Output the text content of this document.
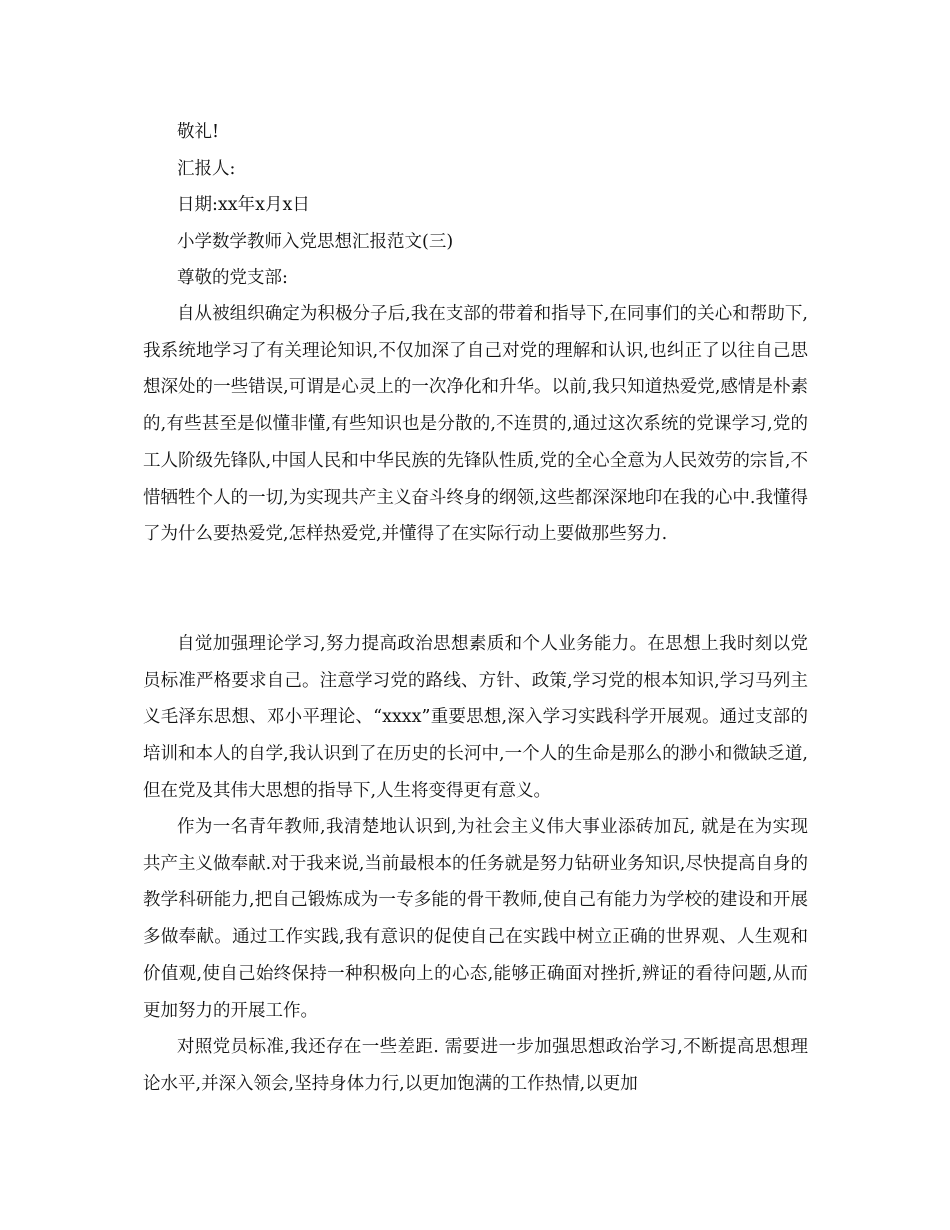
敬礼!
汇报人:
日期:xx年x月x日
小学数学教师入党思想汇报范文(三)
尊敬的党支部:

自从被组织确定为积极分子后,我在支部的带着和指导下,在同事们的关心和帮助下,我系统地学习了有关理论知识,不仅加深了自己对党的理解和认识,也纠正了以往自己思想深处的一些错误,可谓是心灵上的一次净化和升华。以前,我只知道热爱党,感情是朴素的,有些甚至是似懂非懂,有些知识也是分散的,不连贯的,通过这次系统的党课学习,党的工人阶级先锋队,中国人民和中华民族的先锋队性质,党的全心全意为人民效劳的宗旨,不惜牺牲个人的一切,为实现共产主义奋斗终身的纲领,这些都深深地印在我的心中.我懂得了为什么要热爱党,怎样热爱党,并懂得了在实际行动上要做那些努力.

自觉加强理论学习,努力提高政治思想素质和个人业务能力。在思想上我时刻以党员标准严格要求自己。注意学习党的路线、方针、政策,学习党的根本知识,学习马列主义毛泽东思想、邓小平理论、“xxxx”重要思想,深入学习实践科学开展观。通过支部的培训和本人的自学,我认识到了在历史的长河中,一个人的生命是那么的渺小和微缺乏道,但在党及其伟大思想的指导下,人生将变得更有意义。

作为一名青年教师,我清楚地认识到,为社会主义伟大事业添砖加瓦, 就是在为实现共产主义做奉献.对于我来说,当前最根本的任务就是努力钻研业务知识,尽快提高自身的教学科研能力,把自己锻炼成为一专多能的骨干教师,使自己有能力为学校的建设和开展多做奉献。通过工作实践,我有意识的促使自己在实践中树立正确的世界观、人生观和价值观,使自己始终保持一种积极向上的心态,能够正确面对挫折,辨证的看待问题,从而更加努力的开展工作。

对照党员标准,我还存在一些差距. 需要进一步加强思想政治学习,不断提高思想理论水平,并深入领会,坚持身体力行,以更加饱满的工作热情,以更加
